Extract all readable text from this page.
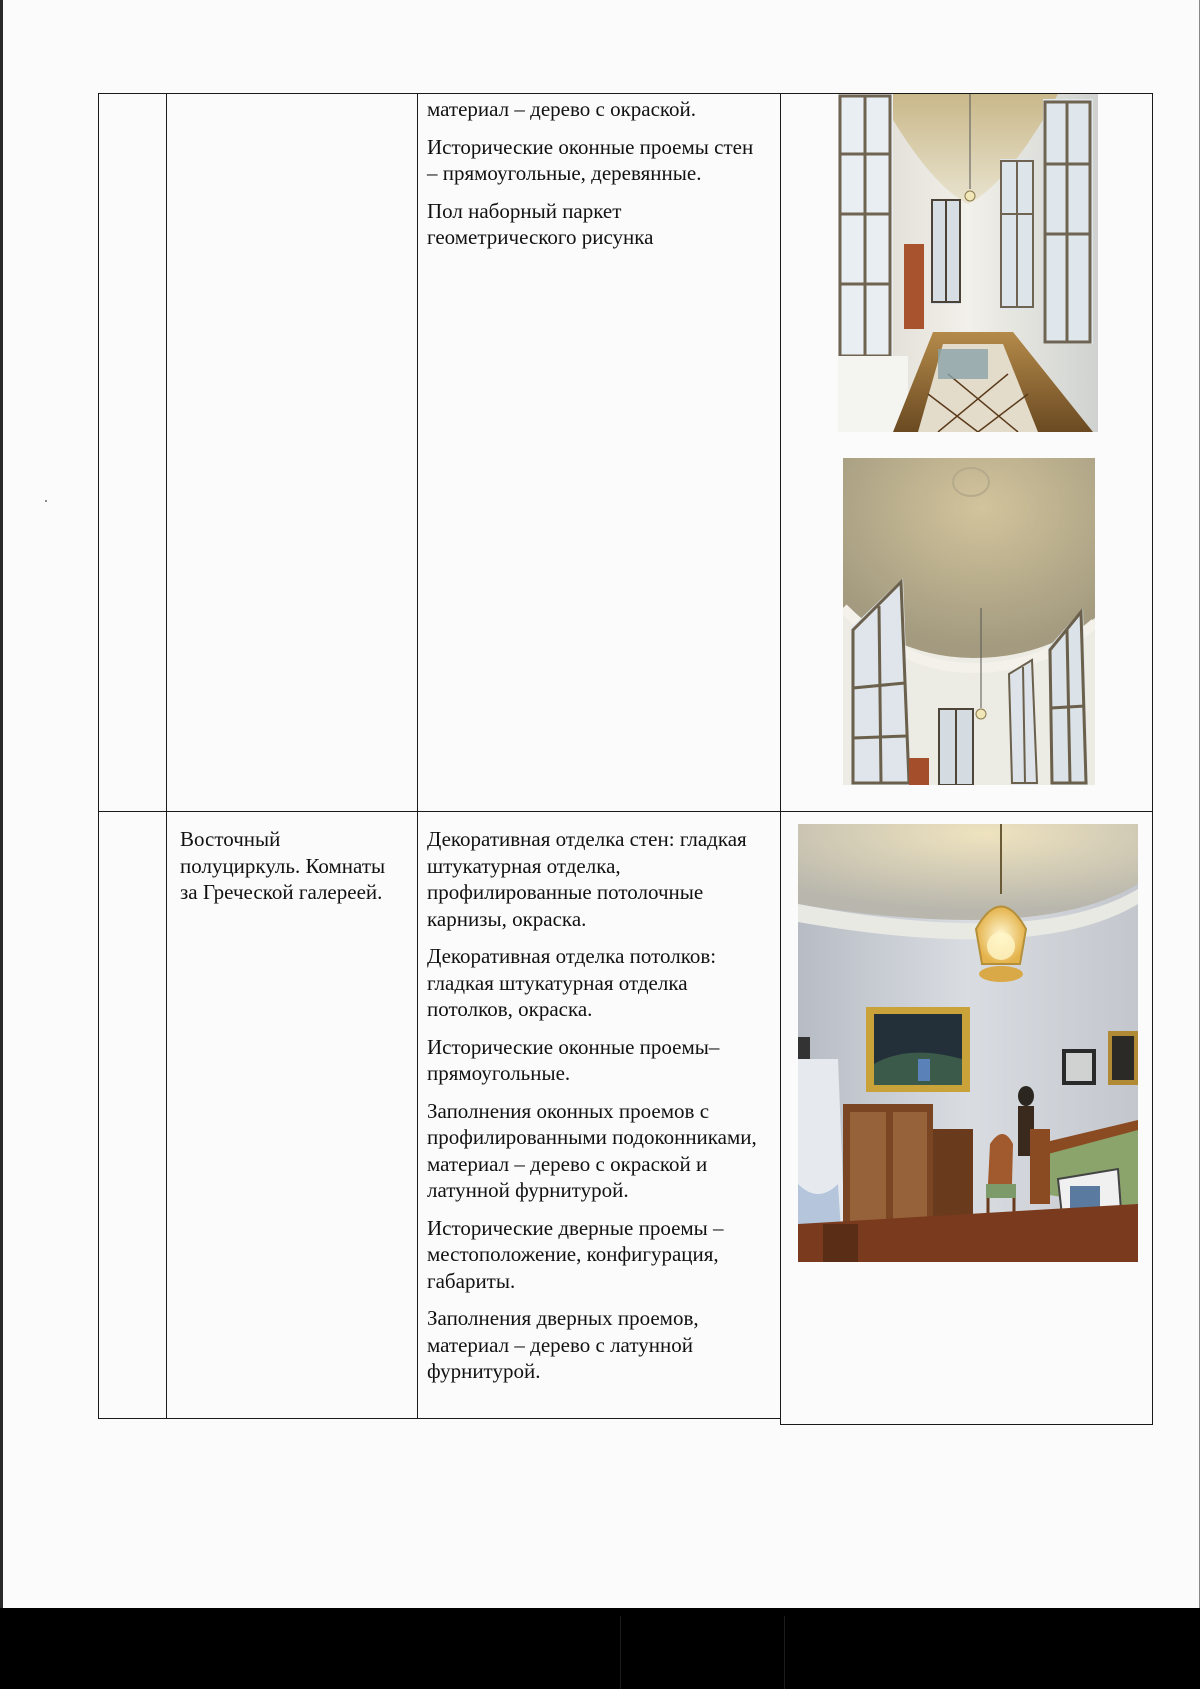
материал – дерево с окраской.

Исторические оконные проемы стен – прямоугольные, деревянные.

Пол наборный паркет геометрического рисунка

Восточный полуциркуль. Комнаты за Греческой галереей.

Декоративная отделка стен: гладкая штукатурная отделка, профилированные потолочные карнизы, окраска.

Декоративная отделка потолков: гладкая штукатурная отделка потолков, окраска.

Исторические оконные проемы– прямоугольные.

Заполнения оконных проемов с профилированными подоконниками, материал – дерево с окраской и латунной фурнитурой.

Исторические дверные проемы – местоположение, конфигурация, габариты.

Заполнения дверных проемов, материал – дерево с латунной фурнитурой.
